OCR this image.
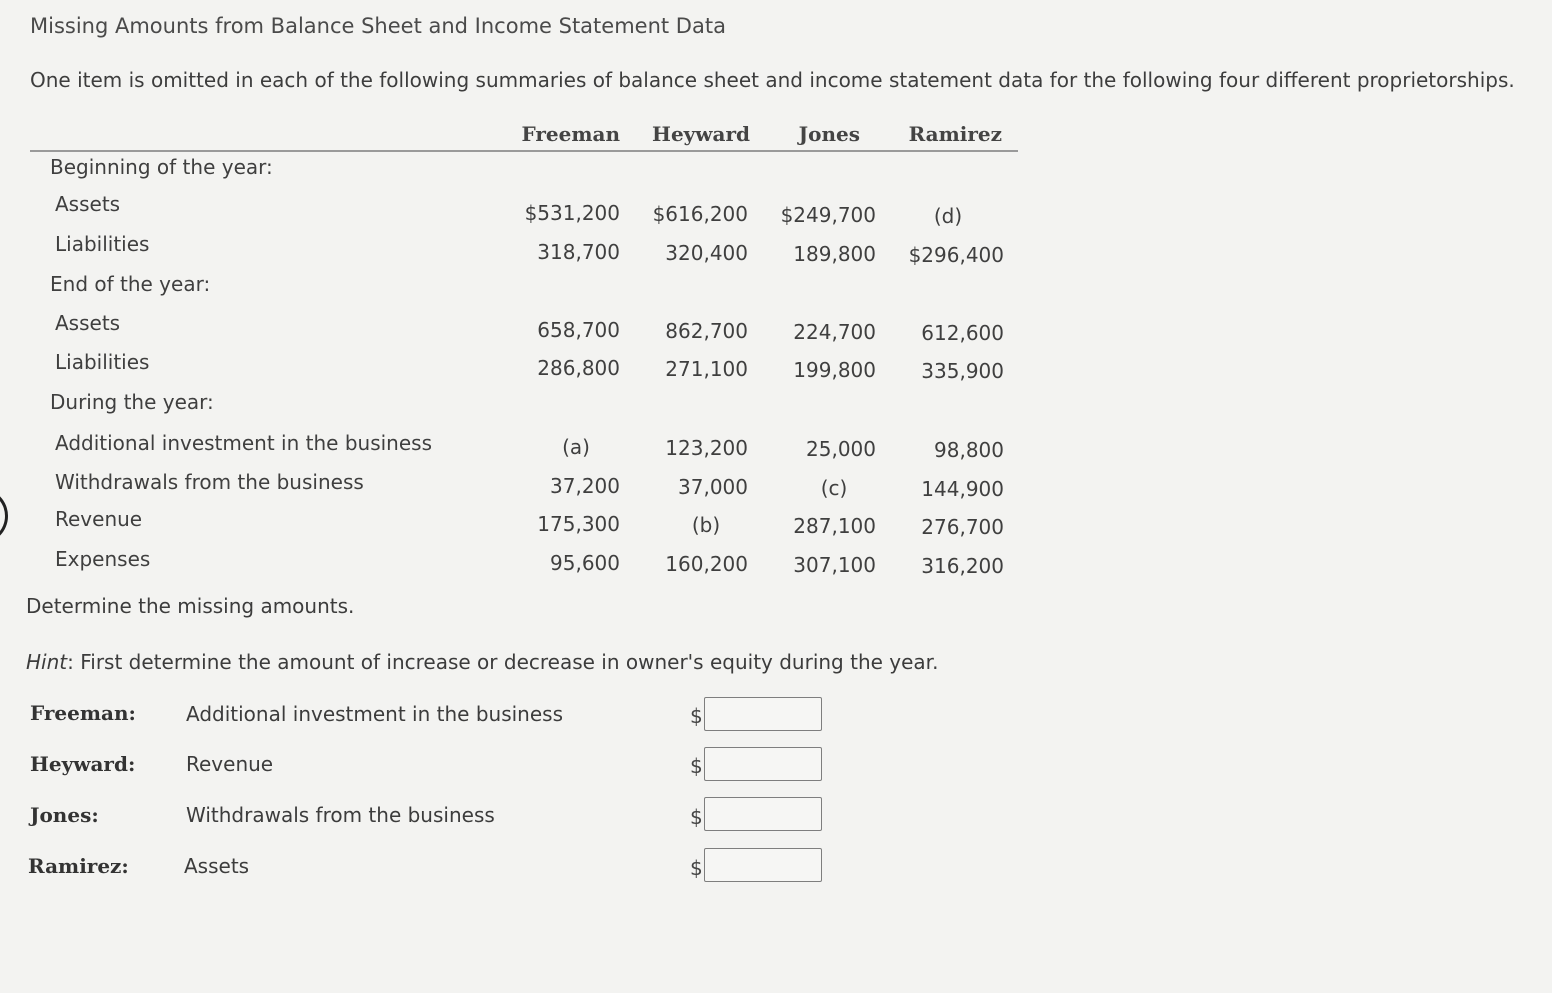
Missing Amounts from Balance Sheet and Income Statement Data
One item is omitted in each of the following summaries of balance sheet and income statement data for the following four different proprietorships.
Freeman	Heyward	Jones	Ramirez
Beginning of the year:
End of the year:
During the year:
Assets	$531,200	$616,200	$249,700	(d)
Liabilities	318,700	320,400	189,800	$296,400
Assets	658,700	862,700	224,700	612,600
Liabilities	286,800	271,100	199,800	335,900
Additional investment in the business	(a)	123,200	25,000	98,800
Withdrawals from the business	37,200	37,000	(c)	144,900
Revenue	175,300	(b)	287,100	276,700
Expenses	95,600	160,200	307,100	316,200
Determine the missing amounts.
Hint: First determine the amount of increase or decrease in owner's equity during the year.
Freeman:	Additional investment in the business	$
Heyward:	Revenue	$
Jones:	Withdrawals from the business	$
Ramirez:	Assets	$
